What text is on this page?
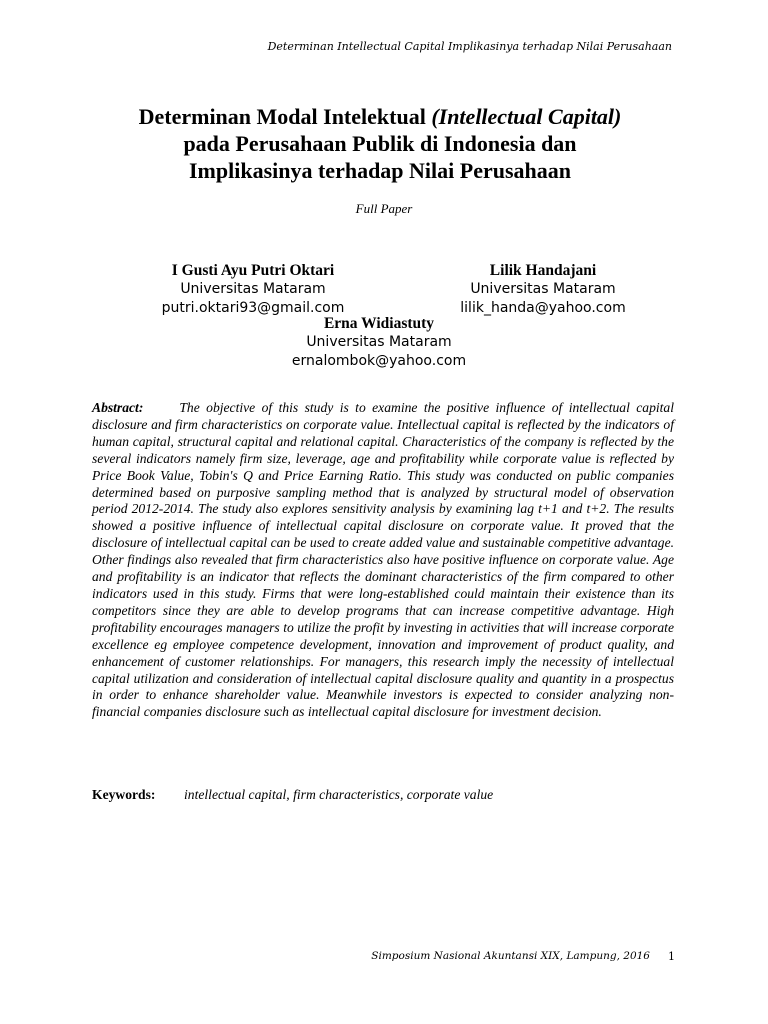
Determinan Intellectual Capital Implikasinya terhadap Nilai Perusahaan
Determinan Modal Intelektual (Intellectual Capital)
pada Perusahaan Publik di Indonesia dan
Implikasinya terhadap Nilai Perusahaan
Full Paper
I Gusti Ayu Putri Oktari
Universitas Mataram
putri.oktari93@gmail.com
Lilik Handajani
Universitas Mataram
lilik_handa@yahoo.com
Erna Widiastuty
Universitas Mataram
ernalombok@yahoo.com

Abstract:	The objective of this study is to examine the positive influence of intellectual capital disclosure and firm characteristics on corporate value. Intellectual capital is reflected by the indicators of human capital, structural capital and relational capital. Characteristics of the company is reflected by the several indicators namely firm size, leverage, age and profitability while corporate value is reflected by Price Book Value, Tobin's Q and Price Earning Ratio. This study was conducted on public companies determined based on purposive sampling method that is analyzed by structural model of observation period 2012-2014. The study also explores sensitivity analysis by examining lag t+1 and t+2. The results showed a positive influence of intellectual capital disclosure on corporate value. It proved that the disclosure of intellectual capital can be used to create added value and sustainable competitive advantage. Other findings also revealed that firm characteristics also have positive influence on corporate value. Age and profitability is an indicator that reflects the dominant characteristics of the firm compared to other indicators used in this study. Firms that were long-established could maintain their existence than its competitors since they are able to develop programs that can increase competitive advantage. High profitability encourages managers to utilize the profit by investing in activities that will increase corporate excellence eg employee competence development, innovation and improvement of product quality, and enhancement of customer relationships. For managers, this research imply the necessity of intellectual capital utilization and consideration of intellectual capital disclosure quality and quantity in a prospectus in order to enhance shareholder value. Meanwhile investors is expected to consider analyzing non-financial companies disclosure such as intellectual capital disclosure for investment decision.

Keywords: intellectual capital, firm characteristics, corporate value
Simposium Nasional Akuntansi XIX, Lampung, 2016 1
